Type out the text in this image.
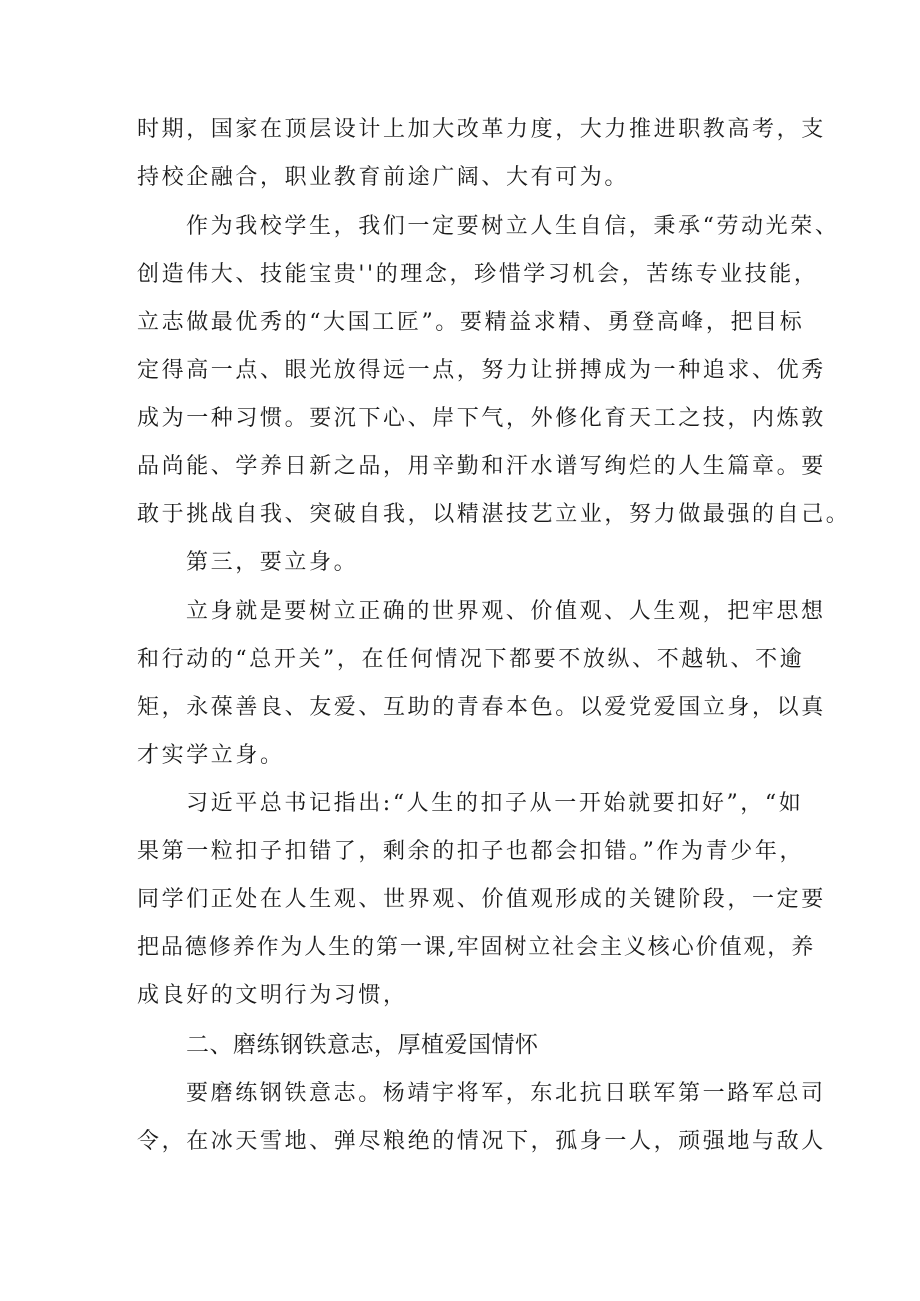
时期，国家在顶层设计上加大改革力度，大力推进职教高考，支
持校企融合，职业教育前途广阔、大有可为。
作为我校学生，我们一定要树立人生自信，秉承“劳动光荣、
创造伟大、技能宝贵''的理念，珍惜学习机会，苦练专业技能，
立志做最优秀的“大国工匠”。要精益求精、勇登高峰，把目标
定得高一点、眼光放得远一点，努力让拼搏成为一种追求、优秀
成为一种习惯。要沉下心、岸下气，外修化育天工之技，内炼敦
品尚能、学养日新之品，用辛勤和汗水谱写绚烂的人生篇章。要
敢于挑战自我、突破自我，以精湛技艺立业，努力做最强的自己。
第三，要立身。
立身就是要树立正确的世界观、价值观、人生观，把牢思想
和行动的“总开关”，在任何情况下都要不放纵、不越轨、不逾
矩，永葆善良、友爱、互助的青春本色。以爱党爱国立身，以真
才实学立身。
习近平总书记指出:“人生的扣子从一开始就要扣好”，“如
果第一粒扣子扣错了，剩余的扣子也都会扣错。”作为青少年，
同学们正处在人生观、世界观、价值观形成的关键阶段，一定要
把品德修养作为人生的第一课,牢固树立社会主义核心价值观，养
成良好的文明行为习惯，
二、磨练钢铁意志，厚植爱国情怀
要磨练钢铁意志。杨靖宇将军，东北抗日联军第一路军总司
令，在冰天雪地、弹尽粮绝的情况下，孤身一人，顽强地与敌人
